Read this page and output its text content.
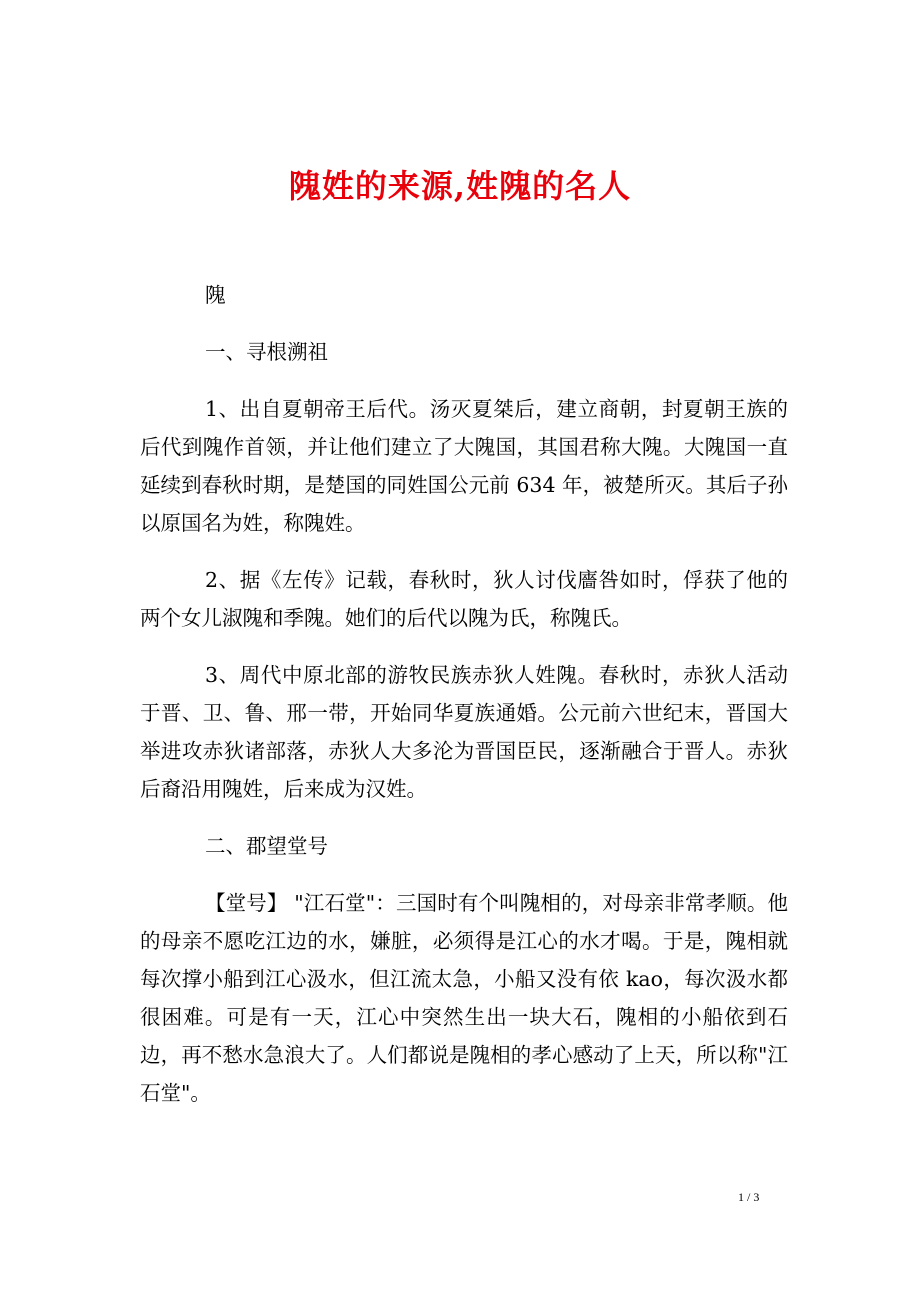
隗姓的来源,姓隗的名人

隗

一、寻根溯祖

1、出自夏朝帝王后代。汤灭夏桀后，建立商朝，封夏朝王族的后代到隗作首领，并让他们建立了大隗国，其国君称大隗。大隗国一直延续到春秋时期，是楚国的同姓国公元前 634 年，被楚所灭。其后子孙以原国名为姓，称隗姓。

2、据《左传》记载，春秋时，狄人讨伐廧咎如时，俘获了他的两个女儿淑隗和季隗。她们的后代以隗为氏，称隗氏。

3、周代中原北部的游牧民族赤狄人姓隗。春秋时，赤狄人活动于晋、卫、鲁、邢一带，开始同华夏族通婚。公元前六世纪末，晋国大举进攻赤狄诸部落，赤狄人大多沦为晋国臣民，逐渐融合于晋人。赤狄后裔沿用隗姓，后来成为汉姓。

二、郡望堂号

【堂号】 "江石堂"：三国时有个叫隗相的，对母亲非常孝顺。他的母亲不愿吃江边的水，嫌脏，必须得是江心的水才喝。于是，隗相就每次撑小船到江心汲水，但江流太急，小船又没有依 kao，每次汲水都很困难。可是有一天，江心中突然生出一块大石，隗相的小船依到石边，再不愁水急浪大了。人们都说是隗相的孝心感动了上天，所以称"江石堂"。

1 / 3
